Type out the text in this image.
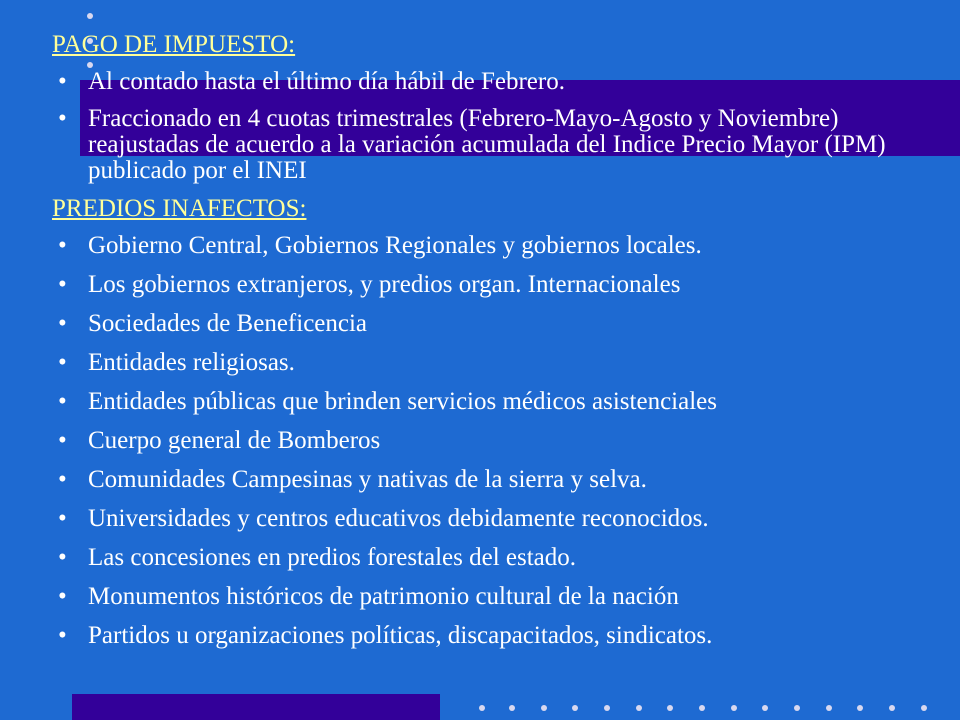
PAGO DE IMPUESTO:
• Al contado hasta el último día hábil de Febrero.
• Fraccionado en 4 cuotas trimestrales (Febrero-Mayo-Agosto y Noviembre) reajustadas de acuerdo a la variación acumulada del Indice Precio Mayor (IPM) publicado por el INEI
PREDIOS INAFECTOS:
• Gobierno Central, Gobiernos Regionales y gobiernos locales.
• Los gobiernos extranjeros, y predios organ. Internacionales
• Sociedades de Beneficencia
• Entidades religiosas.
• Entidades públicas que brinden servicios médicos asistenciales
• Cuerpo general de Bomberos
• Comunidades Campesinas y nativas de la sierra y selva.
• Universidades y centros educativos debidamente reconocidos.
• Las concesiones en predios forestales del estado.
• Monumentos históricos de patrimonio cultural de la nación
• Partidos u organizaciones políticas, discapacitados, sindicatos.
